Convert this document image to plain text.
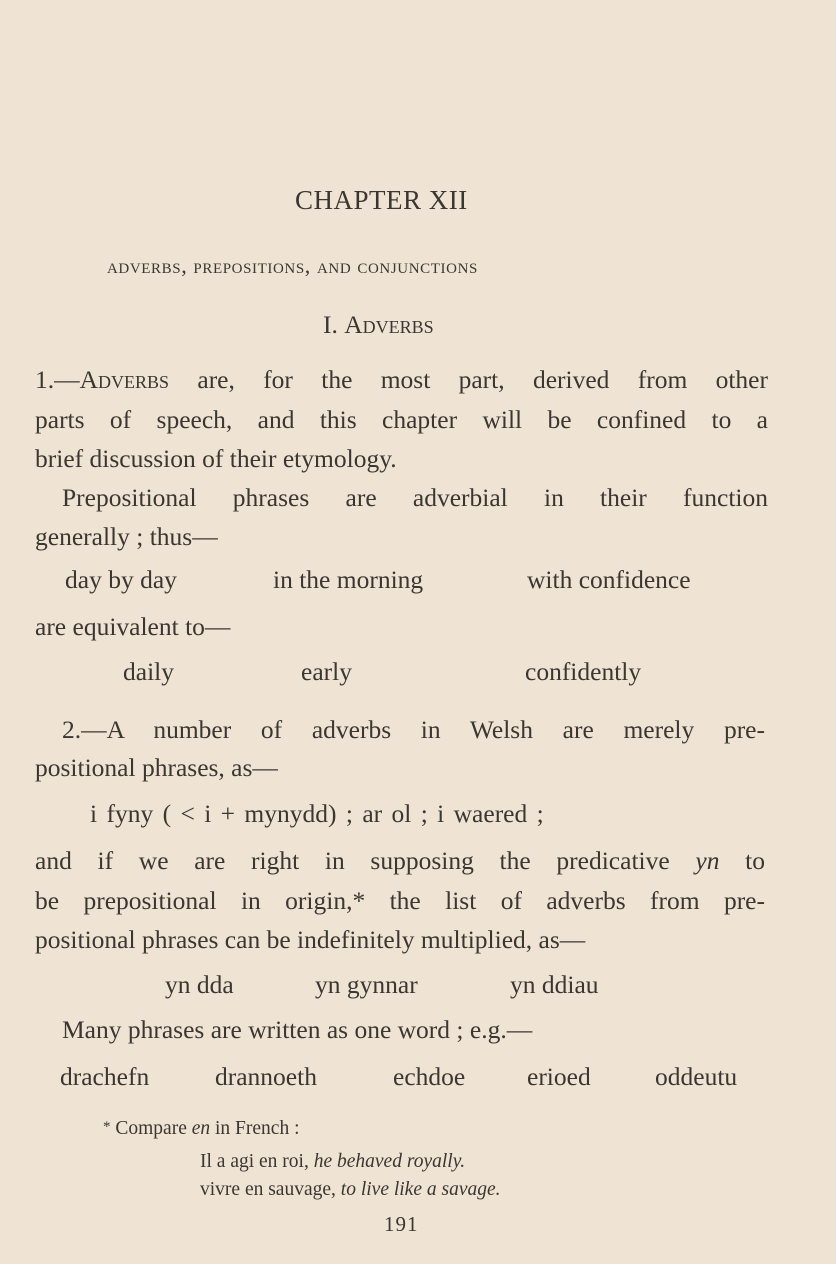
CHAPTER XII
adverbs, prepositions, and conjunctions
I. Adverbs
1.—Adverbs are, for the most part, derived from other
parts of speech, and this chapter will be confined to a
brief discussion of their etymology.
Prepositional phrases are adverbial in their function
generally ; thus—
day by day	in the morning	with confidence
are equivalent to—
daily	early	confidently
2.—A number of adverbs in Welsh are merely pre-
positional phrases, as—
i fyny ( < i + mynydd) ; ar ol ; i waered ;
and if we are right in supposing the predicative yn to
be prepositional in origin,* the list of adverbs from pre-
positional phrases can be indefinitely multiplied, as—
yn dda	yn gynnar	yn ddiau
Many phrases are written as one word ; e.g.—
drachefn	drannoeth	echdoe erioed	oddeutu
* Compare en in French :
Il a agi en roi, he behaved royally.
vivre en sauvage, to live like a savage.
191
